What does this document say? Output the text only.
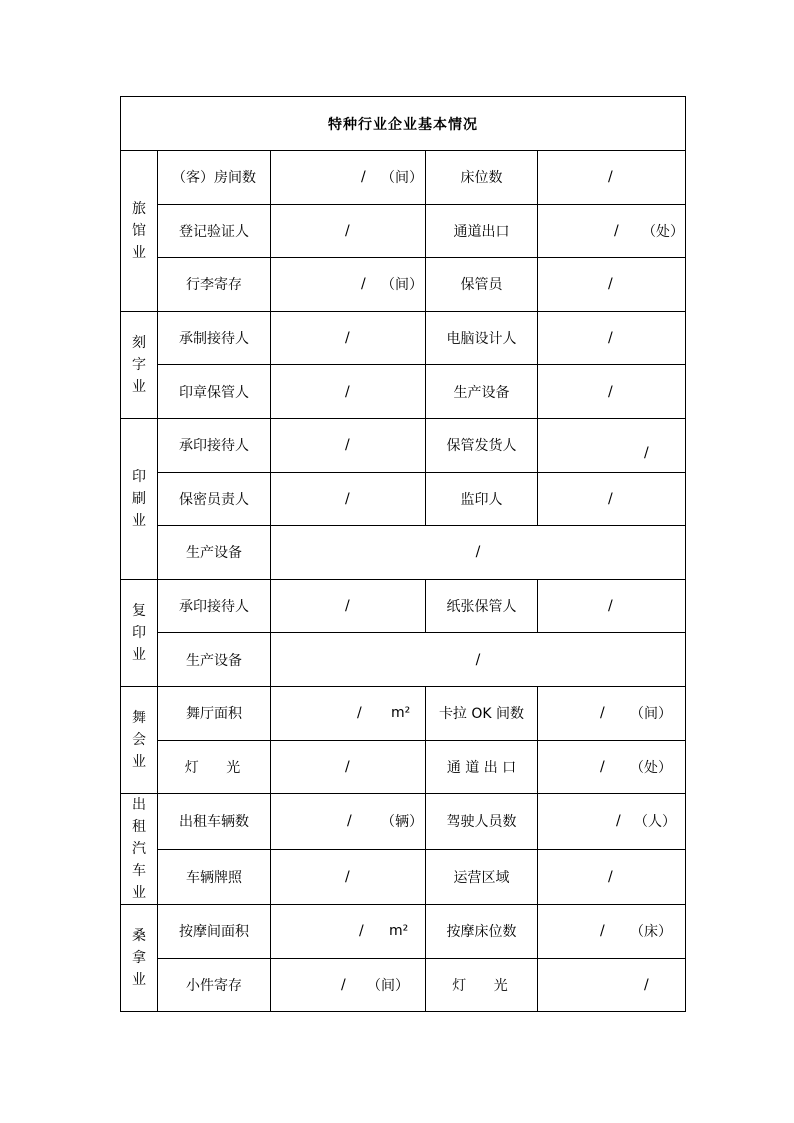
特种行业企业基本情况				

旅
馆
业	（客）房间数	/ （间）	床位数	/

	登记验证人	/	通道出口	/ （处）

	行李寄存	/ （间）	保管员	/

刻
字
业	承制接待人	/	电脑设计人	/

	印章保管人	/	生产设备	/

印
刷
业	承印接待人	/	保管发货人	/

	保密员责人	/	监印人	/

	生产设备	/		

复
印
业	承印接待人	/	纸张保管人	/

	生产设备	/		

舞
会
业	舞厅面积	/ m²	卡拉 OK 间数	/ （间）

	灯　 光	/	通 道 出 口	/ （处）

出
租
汽
车
业	出租车辆数	/ （辆）	驾驶人员数	/ （人）

	车辆牌照	/	运营区域	/

桑
拿
业	按摩间面积	/ m²	按摩床位数	/ （床）

	小件寄存	/ （间）	灯　 光	/
